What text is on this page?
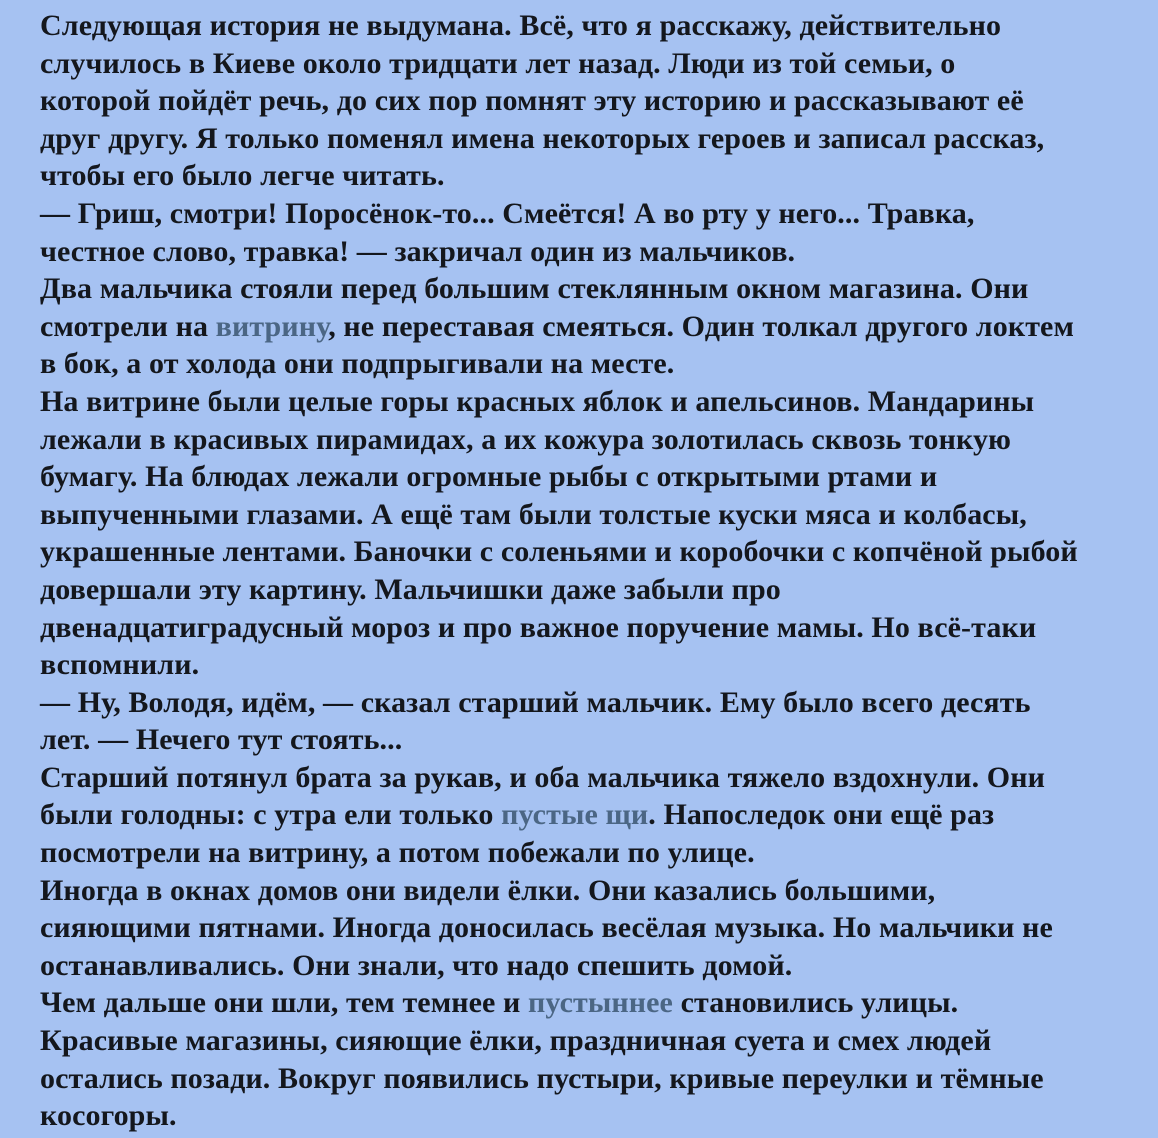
Следующая история не выдумана. Всё, что я расскажу, действительно
случилось в Киеве около тридцати лет назад. Люди из той семьи, о
которой пойдёт речь, до сих пор помнят эту историю и рассказывают её
друг другу. Я только поменял имена некоторых героев и записал рассказ,
чтобы его было легче читать.
— Гриш, смотри! Поросёнок-то... Смеётся! А во рту у него... Травка,
честное слово, травка! — закричал один из мальчиков.
Два мальчика стояли перед большим стеклянным окном магазина. Они
смотрели на витрину, не переставая смеяться. Один толкал другого локтем
в бок, а от холода они подпрыгивали на месте.
На витрине были целые горы красных яблок и апельсинов. Мандарины
лежали в красивых пирамидах, а их кожура золотилась сквозь тонкую
бумагу. На блюдах лежали огромные рыбы с открытыми ртами и
выпученными глазами. А ещё там были толстые куски мяса и колбасы,
украшенные лентами. Баночки с соленьями и коробочки с копчёной рыбой
довершали эту картину. Мальчишки даже забыли про
двенадцатиградусный мороз и про важное поручение мамы. Но всё-таки
вспомнили.
— Ну, Володя, идём, — сказал старший мальчик. Ему было всего десять
лет. — Нечего тут стоять...
Старший потянул брата за рукав, и оба мальчика тяжело вздохнули. Они
были голодны: с утра ели только пустые щи. Напоследок они ещё раз
посмотрели на витрину, а потом побежали по улице.
Иногда в окнах домов они видели ёлки. Они казались большими,
сияющими пятнами. Иногда доносилась весёлая музыка. Но мальчики не
останавливались. Они знали, что надо спешить домой.
Чем дальше они шли, тем темнее и пустыннее становились улицы.
Красивые магазины, сияющие ёлки, праздничная суета и смех людей
остались позади. Вокруг появились пустыри, кривые переулки и тёмные
косогоры.
